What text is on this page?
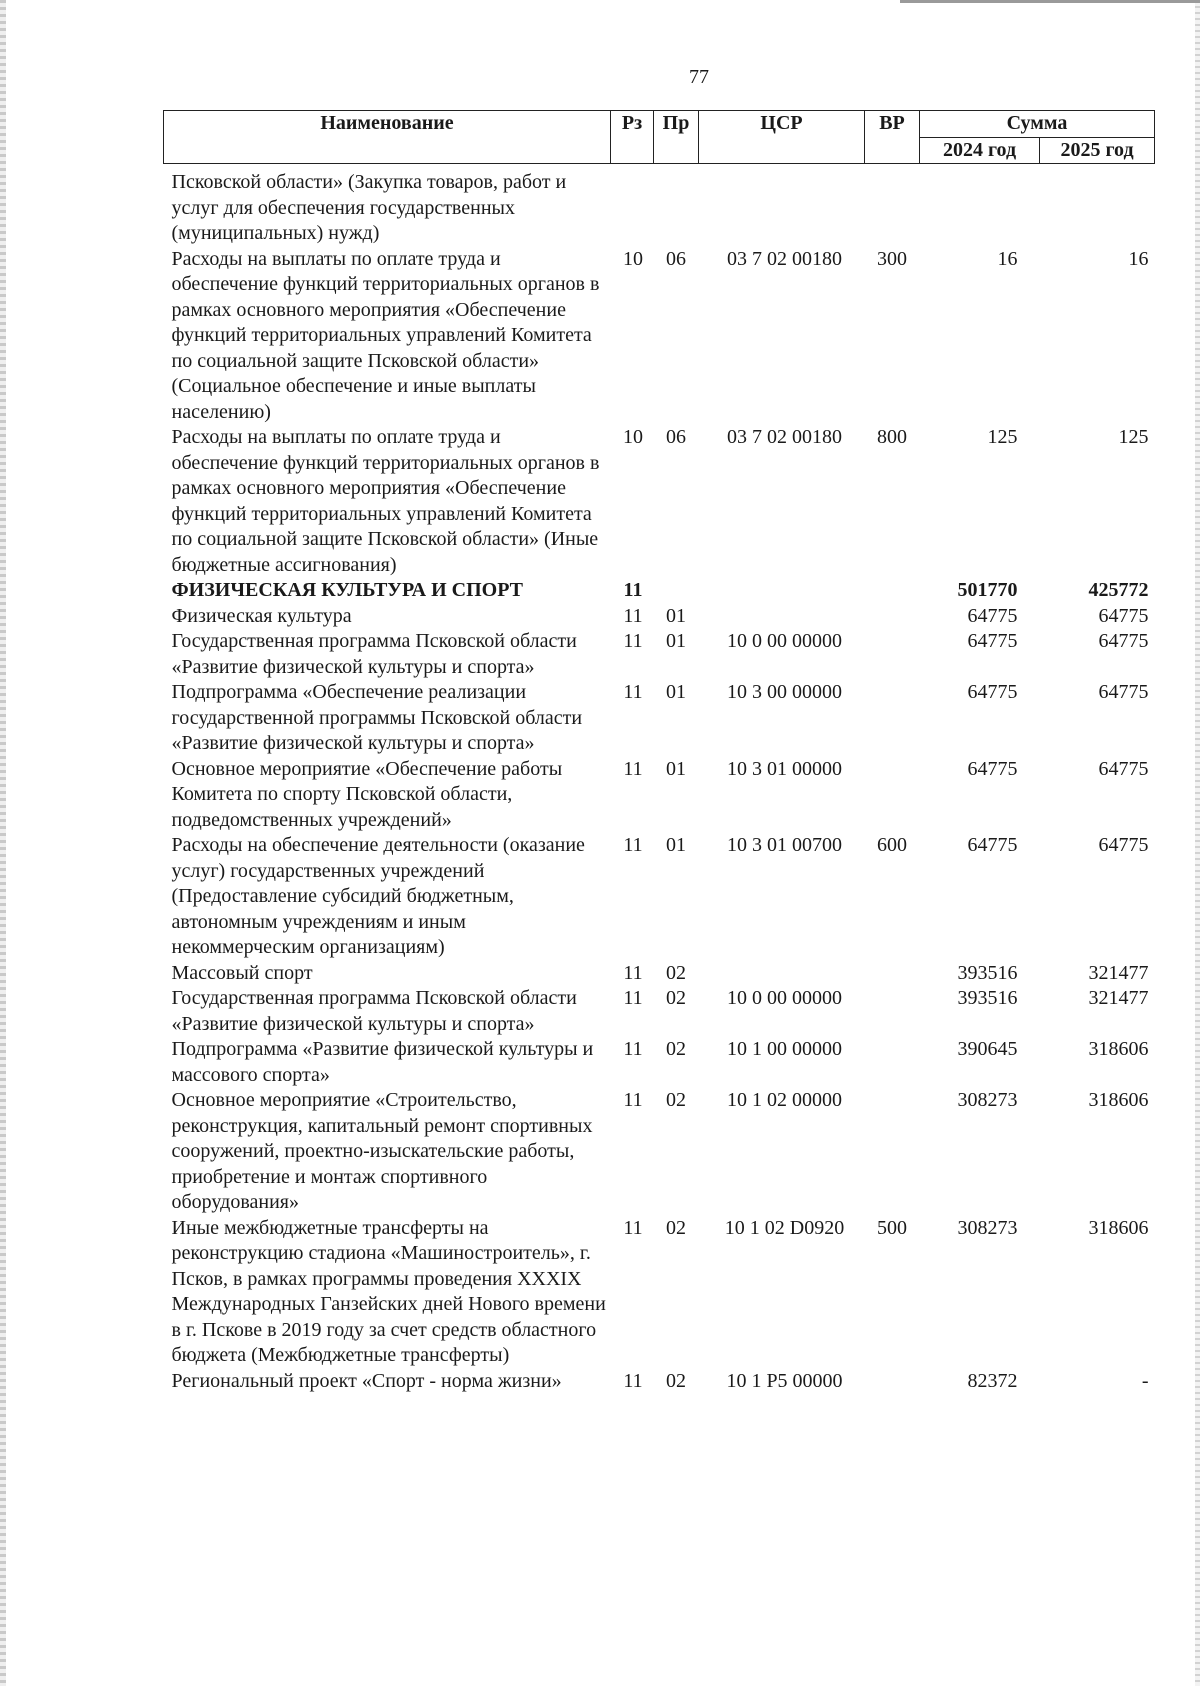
77
Наименование	Рз	Пр	ЦСР	ВР	Сумма	
					2024 год	2025 год
Псковской области» (Закупка товаров, работ и услуг для обеспечения государственных (муниципальных) нужд)						
Расходы на выплаты по оплате труда и обеспечение функций территориальных органов в рамках основного мероприятия «Обеспечение функций территориальных управлений Комитета по социальной защите Псковской области» (Социальное обеспечение и иные выплаты населению)	10	06	03 7 02 00180	300	16	16
Расходы на выплаты по оплате труда и обеспечение функций территориальных органов в рамках основного мероприятия «Обеспечение функций территориальных управлений Комитета по социальной защите Псковской области» (Иные бюджетные ассигнования)	10	06	03 7 02 00180	800	125	125
ФИЗИЧЕСКАЯ КУЛЬТУРА И СПОРТ	11				501770	425772
Физическая культура	11	01			64775	64775
Государственная программа Псковской области «Развитие физической культуры и спорта»	11	01	10 0 00 00000		64775	64775
Подпрограмма «Обеспечение реализации государственной программы Псковской области «Развитие физической культуры и спорта»	11	01	10 3 00 00000		64775	64775
Основное мероприятие «Обеспечение работы Комитета по спорту Псковской области, подведомственных учреждений»	11	01	10 3 01 00000		64775	64775
Расходы на обеспечение деятельности (оказание услуг) государственных учреждений (Предоставление субсидий бюджетным, автономным учреждениям и иным некоммерческим организациям)	11	01	10 3 01 00700	600	64775	64775
Массовый спорт	11	02			393516	321477
Государственная программа Псковской области «Развитие физической культуры и спорта»	11	02	10 0 00 00000		393516	321477
Подпрограмма «Развитие физической культуры и массового спорта»	11	02	10 1 00 00000		390645	318606
Основное мероприятие «Строительство, реконструкция, капитальный ремонт спортивных сооружений, проектно-изыскательские работы, приобретение и монтаж спортивного оборудования»	11	02	10 1 02 00000		308273	318606
Иные межбюджетные трансферты на реконструкцию стадиона «Машиностроитель», г. Псков, в рамках программы проведения XXXIX Международных Ганзейских дней Нового времени в г. Пскове в 2019 году за счет средств областного бюджета (Межбюджетные трансферты)	11	02	10 1 02 D0920	500	308273	318606
Региональный проект «Спорт - норма жизни»	11	02	10 1 P5 00000		82372	-
